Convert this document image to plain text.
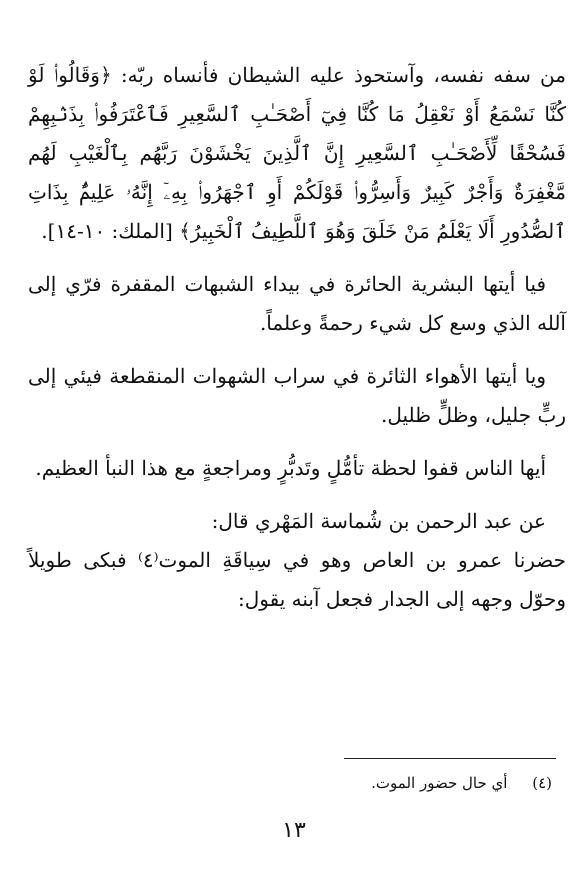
من سفه نفسه، وآستحوذ عليه الشيطان فأنساه ربّه: ﴿وَقَالُوا۟ لَوْ كُنَّا نَسْمَعُ أَوْ نَعْقِلُ مَا كُنَّا فِيٓ أَصْحَـٰبِ ٱلسَّعِيرِ فَٱعْتَرَفُوا۟ بِذَنۢبِهِمْ فَسُحْقًا لِّأَصْحَـٰبِ ٱلسَّعِيرِ إِنَّ ٱلَّذِينَ يَخْشَوْنَ رَبَّهُم بِٱلْغَيْبِ لَهُم مَّغْفِرَةٌ وَأَجْرٌ كَبِيرٌ وَأَسِرُّوا۟ قَوْلَكُمْ أَوِ ٱجْهَرُوا۟ بِهِۦٓ إِنَّهُۥ عَلِيمٌۢ بِذَاتِ ٱلصُّدُورِ أَلَا يَعْلَمُ مَنْ خَلَقَ وَهُوَ ٱللَّطِيفُ ٱلْخَبِيرُ﴾ [الملك: ١٠-١٤].

فيا أيتها البشرية الحائرة في بيداء الشبهات المقفرة فرّي إلى آلله الذي وسع كل شيء رحمةً وعلماً.

ويا أيتها الأهواء الثائرة في سراب الشهوات المنقطعة فيئي إلى ربٍّ جليل، وظلٍّ ظليل.

أيها الناس قفوا لحظة تأمُّلٍ وتَدبُّرٍ ومراجعةٍ مع هذا النبأ العظيم.

عن عبد الرحمن بن شُماسة المَهْري قال:

حضرنا عمرو بن العاص وهو في سِياقَةِ الموت⁽٤⁾ فبكى طويلاً وحوّل وجهه إلى الجدار فجعل آبنه يقول:

(٤) أي حال حضور الموت.
١٣
